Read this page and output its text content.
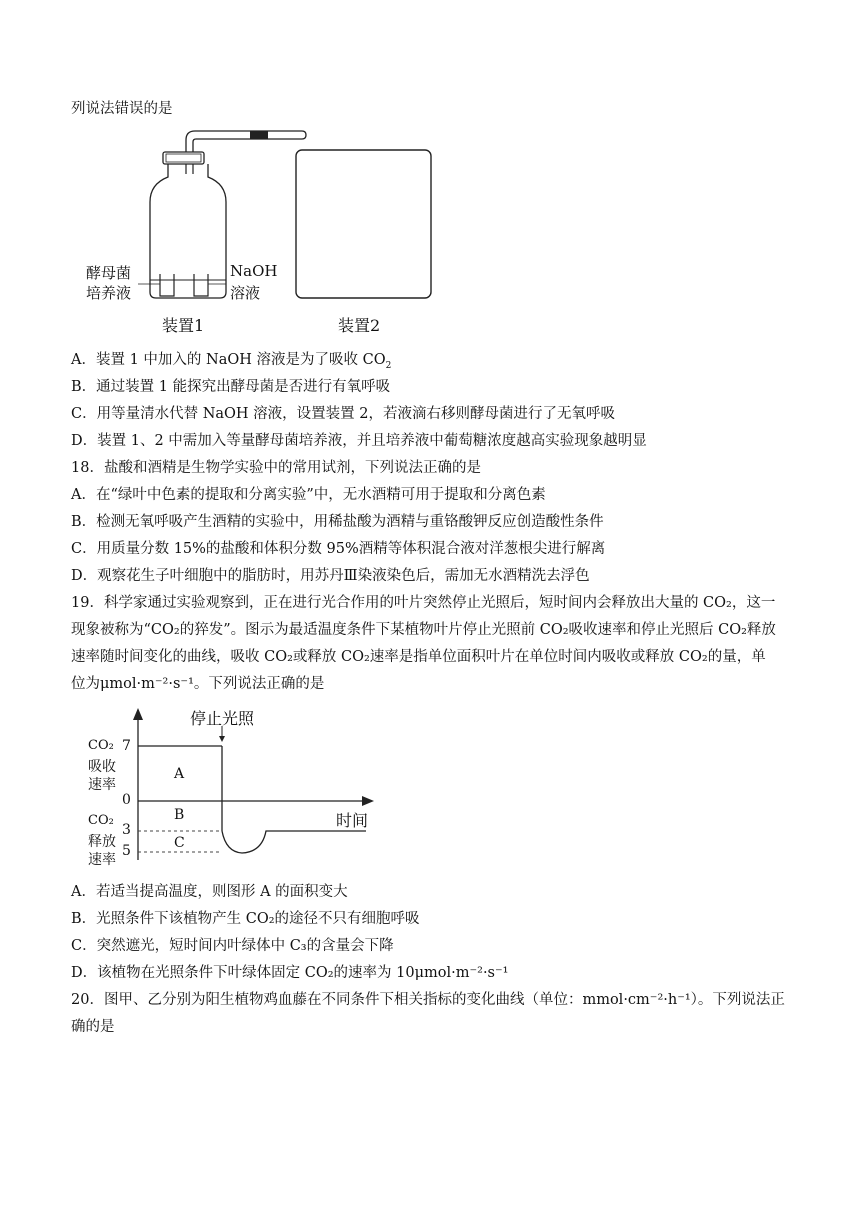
列说法错误的是
酵母菌
培养液
NaOH
溶液
装置1	装置2
A．装置 1 中加入的 NaOH 溶液是为了吸收 $CO_2$
B．通过装置 1 能探究出酵母菌是否进行有氧呼吸
C．用等量清水代替 NaOH 溶液，设置装置 2，若液滴右移则酵母菌进行了无氧呼吸
D．装置 1、2 中需加入等量酵母菌培养液，并且培养液中葡萄糖浓度越高实验现象越明显
18．盐酸和酒精是生物学实验中的常用试剂，下列说法正确的是
A．在“绿叶中色素的提取和分离实验”中，无水酒精可用于提取和分离色素
B．检测无氧呼吸产生酒精的实验中，用稀盐酸为酒精与重铬酸钾反应创造酸性条件
C．用质量分数 15%的盐酸和体积分数 95%酒精等体积混合液对洋葱根尖进行解离
D．观察花生子叶细胞中的脂肪时，用苏丹Ⅲ染液染色后，需加无水酒精洗去浮色
19．科学家通过实验观察到，正在进行光合作用的叶片突然停止光照后，短时间内会释放出大量的 CO₂，这一
现象被称为“CO₂的猝发”。图示为最适温度条件下某植物叶片停止光照前 CO₂吸收速率和停止光照后 CO₂释放
速率随时间变化的曲线，吸收 CO₂或释放 CO₂速率是指单位面积叶片在单位时间内吸收或释放 CO₂的量，单
位为μmol·m⁻²·s⁻¹。下列说法正确的是
停止光照
CO₂
吸收
速率
7
0
3
5
CO₂
释放
速率
A
B
C
时间
A．若适当提高温度，则图形 A 的面积变大
B．光照条件下该植物产生 CO₂的途径不只有细胞呼吸
C．突然遮光，短时间内叶绿体中 C₃的含量会下降
D．该植物在光照条件下叶绿体固定 CO₂的速率为 10μmol·m⁻²·s⁻¹
20．图甲、乙分别为阳生植物鸡血藤在不同条件下相关指标的变化曲线（单位：mmol·cm⁻²·h⁻¹）。下列说法正
确的是
